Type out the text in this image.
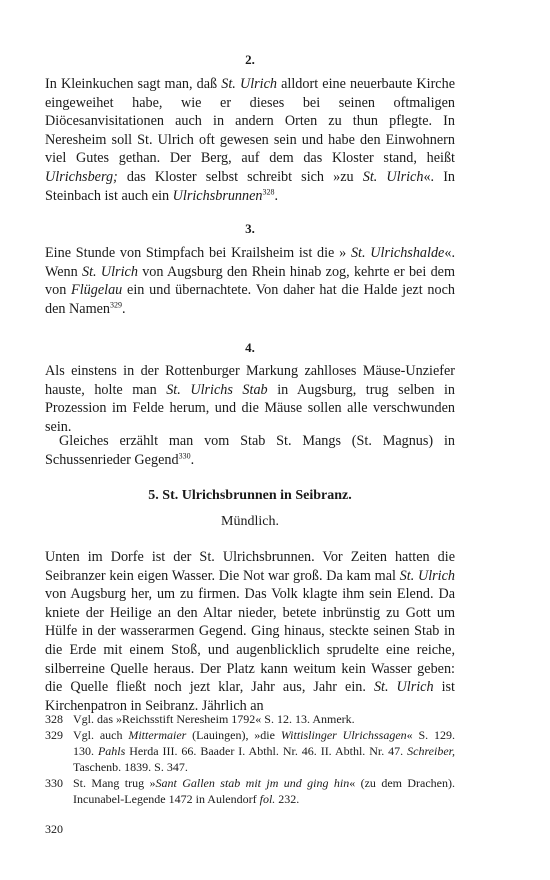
2.

In Kleinkuchen sagt man, daß St. Ulrich alldort eine neuerbaute Kirche eingeweihet habe, wie er dieses bei seinen oftmaligen Diöcesanvisitationen auch in andern Orten zu thun pflegte. In Neresheim soll St. Ulrich oft gewesen sein und habe den Einwohnern viel Gutes gethan. Der Berg, auf dem das Kloster stand, heißt Ulrichsberg; das Kloster selbst schreibt sich »zu St. Ulrich«. In Steinbach ist auch ein Ulrichsbrunnen$^{328}$.

3.

Eine Stunde von Stimpfach bei Krailsheim ist die » St. Ulrichshalde«. Wenn St. Ulrich von Augsburg den Rhein hinab zog, kehrte er bei dem von Flügelau ein und übernachtete. Von daher hat die Halde jezt noch den Namen$^{329}$.

4.

Als einstens in der Rottenburger Markung zahlloses Mäuse-Unziefer hauste, holte man St. Ulrichs Stab in Augsburg, trug selben in Prozession im Felde herum, und die Mäuse sollen alle verschwunden sein.

Gleiches erzählt man vom Stab St. Mangs (St. Magnus) in Schussenrieder Gegend$^{330}$.

5. St. Ulrichsbrunnen in Seibranz.
Mündlich.

Unten im Dorfe ist der St. Ulrichsbrunnen. Vor Zeiten hatten die Seibranzer kein eigen Wasser. Die Not war groß. Da kam mal St. Ulrich von Augsburg her, um zu firmen. Das Volk klagte ihm sein Elend. Da kniete der Heilige an den Altar nieder, betete inbrünstig zu Gott um Hülfe in der wasserarmen Gegend. Ging hinaus, steckte seinen Stab in die Erde mit einem Stoß, und augenblicklich sprudelte eine reiche, silberreine Quelle heraus. Der Platz kann weitum kein Wasser geben: die Quelle fließt noch jezt klar, Jahr aus, Jahr ein. St. Ulrich ist Kirchenpatron in Seibranz. Jährlich an

328 Vgl. das »Reichsstift Neresheim 1792« S. 12. 13. Anmerk.
329 Vgl. auch Mittermaier (Lauingen), »die Wittislinger Ulrichssagen« S. 129. 130. Pahls Herda III. 66. Baader I. Abthl. Nr. 46. II. Abthl. Nr. 47. Schreiber, Taschenb. 1839. S. 347.
330 St. Mang trug »Sant Gallen stab mit jm und ging hin« (zu dem Drachen). Incunabel-Legende 1472 in Aulendorf fol. 232.
320
